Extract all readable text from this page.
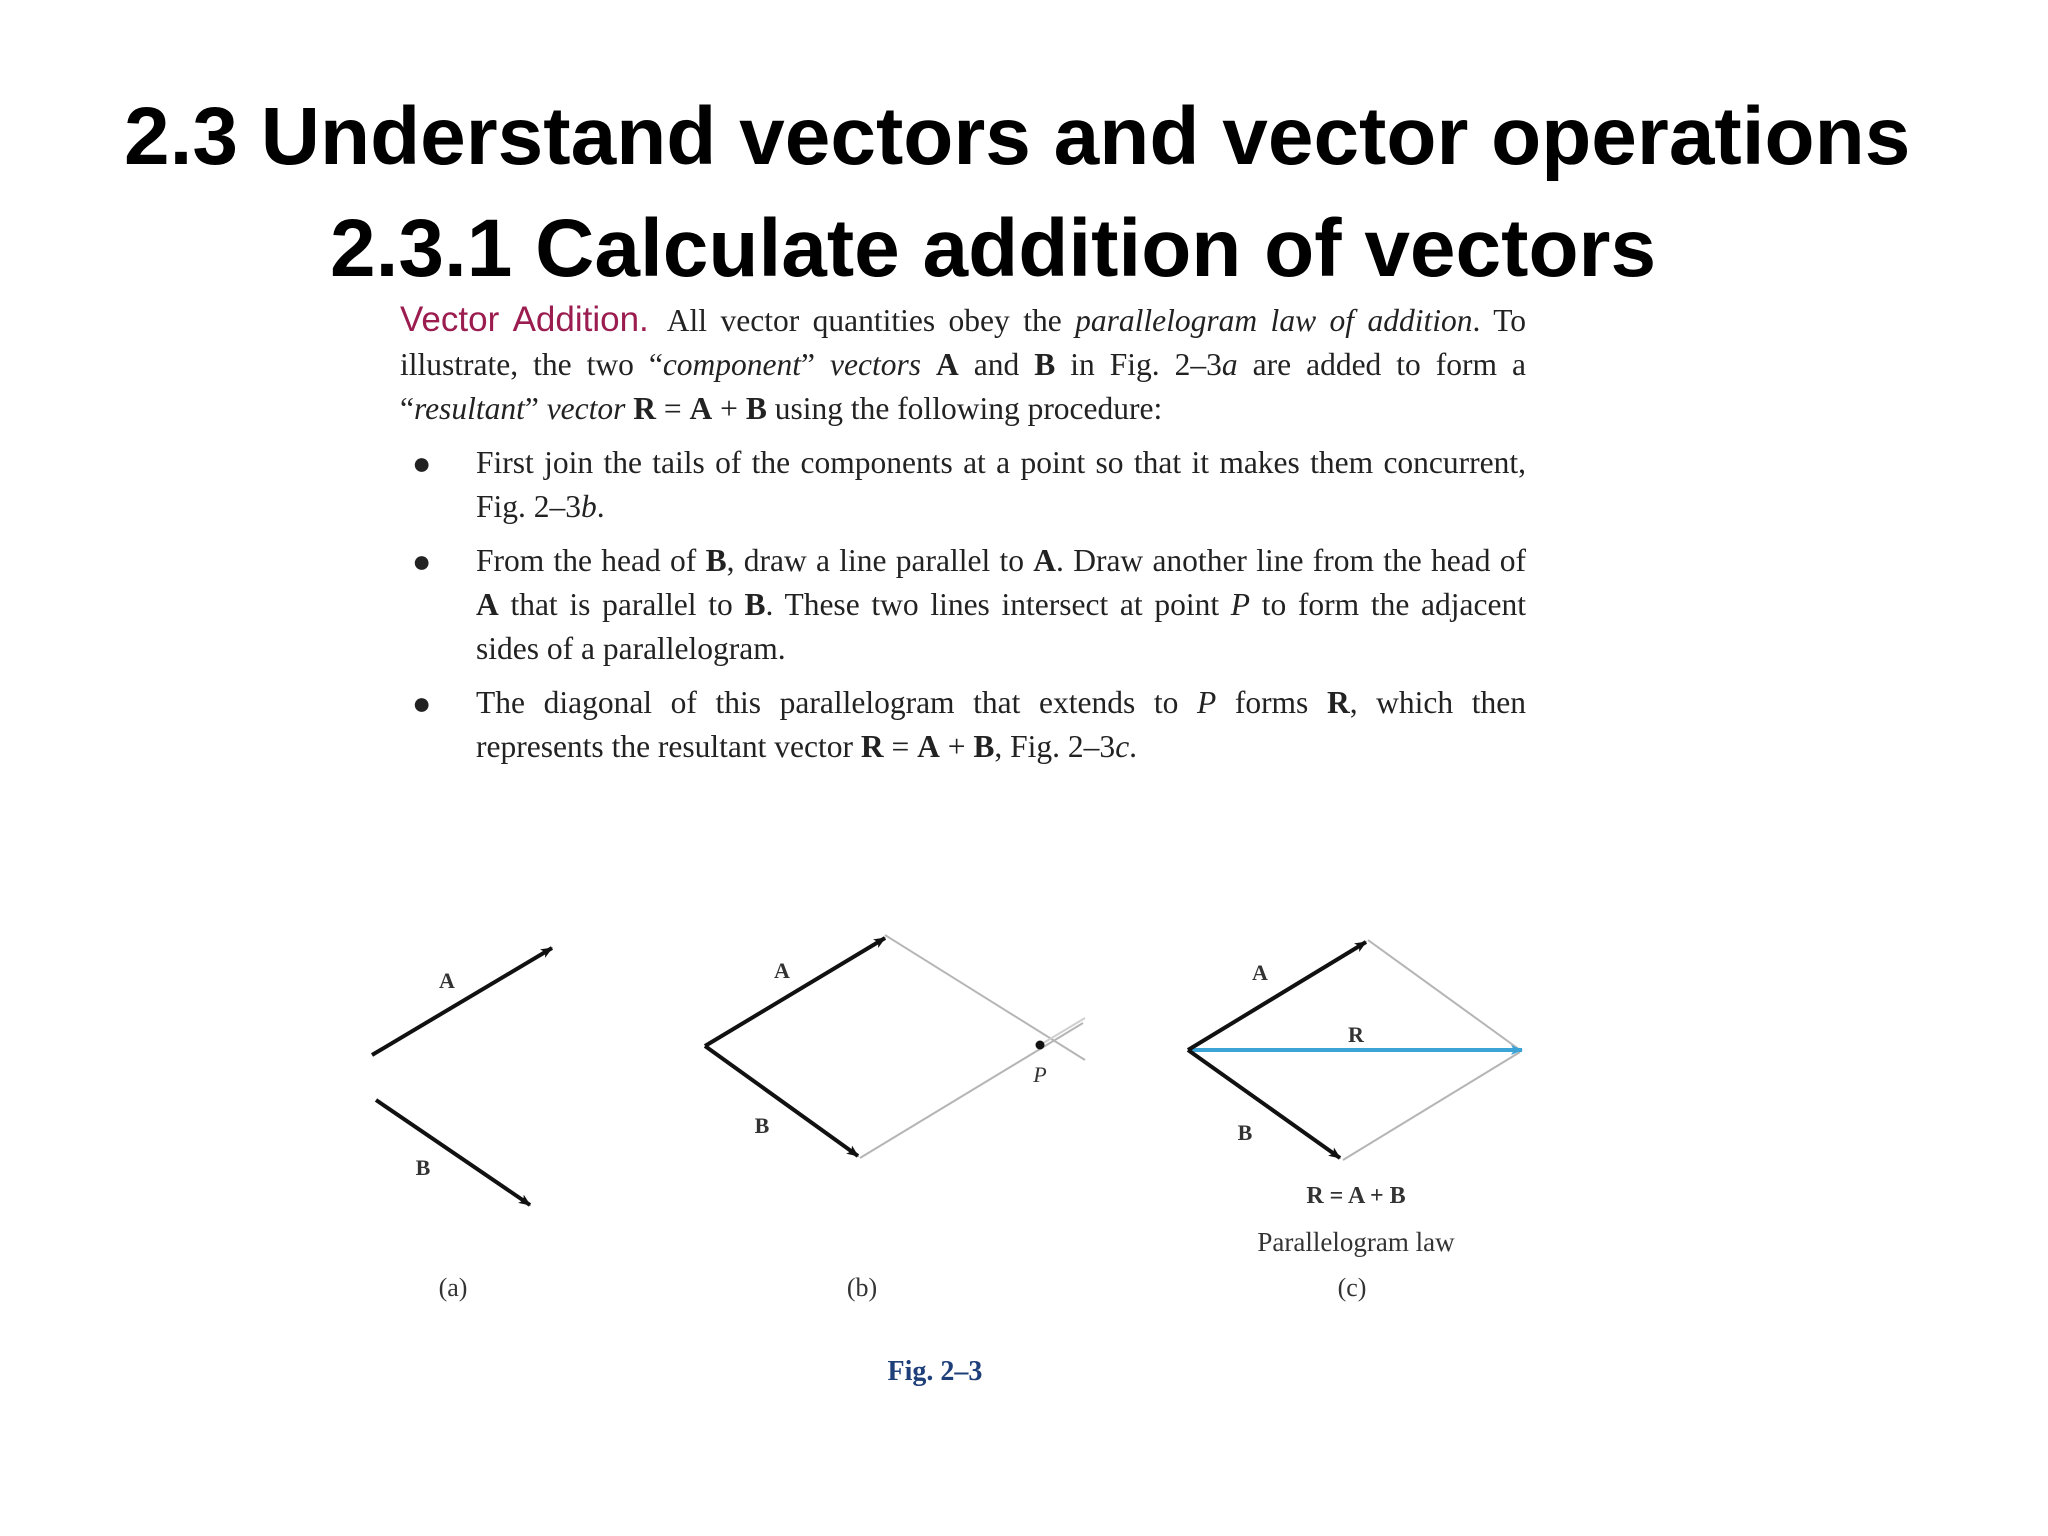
2.3 Understand vectors and vector operations
2.3.1 Calculate addition of vectors

Vector Addition. All vector quantities obey the parallelogram law of addition. To illustrate, the two “component” vectors A and B in Fig. 2–3a are added to form a “resultant” vector R = A + B using the following procedure:

● First join the tails of the components at a point so that it makes them concurrent, Fig. 2–3b.
● From the head of B, draw a line parallel to A. Draw another line from the head of A that is parallel to B. These two lines intersect at point P to form the adjacent sides of a parallelogram.
● The diagonal of this parallelogram that extends to P forms R, which then represents the resultant vector R = A + B, Fig. 2–3c.
A
B
(a)
A
B
P
(b)
A
R
B
R = A + B
Parallelogram law
(c)
Fig. 2–3
